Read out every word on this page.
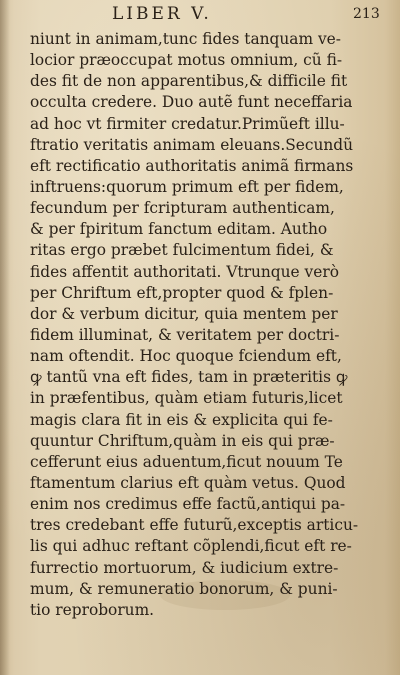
LIBER V.	213
niunt in animam,tunc fides tanquam ve-
locior præoccupat motus omnium, cũ fi-
des fit de non apparentibus,& difficile fit
occulta credere. Duo autẽ funt neceffaria
ad hoc vt firmiter credatur.Primũeft illu-
ftratio veritatis animam eleuans.Secundũ
eft rectificatio authoritatis animã firmans
inftruens:quorum primum eft per fidem,
fecundum per fcripturam authenticam,
& per fpiritum fanctum editam. Autho
ritas ergo præbet fulcimentum fidei, &
fides affentit authoritati. Vtrunque verò
per Chriftum eft,propter quod & fplen-
dor & verbum dicitur, quia mentem per
fidem illuminat, & veritatem per doctri-
nam oftendit. Hoc quoque fciendum eft,
ꝙ tantũ vna eft fides, tam in præteritis ꝙ
in præfentibus, quàm etiam futuris,licet
magis clara fit in eis & explicita qui fe-
quuntur Chriftum,quàm in eis qui præ-
cefferunt eius aduentum,ficut nouum Te
ftamentum clarius eft quàm vetus. Quod
enim nos credimus effe factũ,antiqui pa-
tres credebant effe futurũ,exceptis articu-
lis qui adhuc reftant cõplendi,ficut eft re-
furrectio mortuorum, & iudicium extre-
mum, & remuneratio bonorum, & puni-
tio reproborum.
